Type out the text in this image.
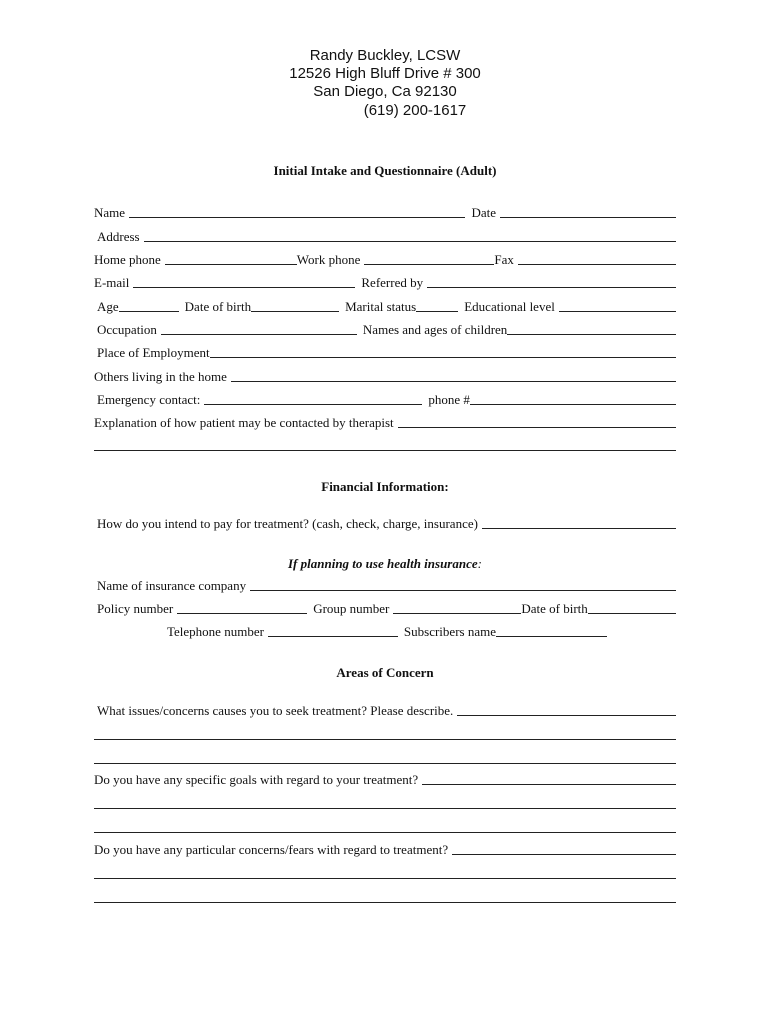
Randy Buckley, LCSW
12526 High Bluff Drive # 300
San Diego, Ca 92130
(619) 200-1617
Initial Intake and Questionnaire (Adult)
Name	Date
Address
Home phone	Work phone	Fax
E-mail	Referred by
Age	Date of birth	Marital status	Educational level
Occupation	Names and ages of children
Place of Employment
Others living in the home
Emergency contact:	phone #
Explanation of how patient may be contacted by therapist
Financial Information:
How do you intend to pay for treatment? (cash, check, charge, insurance)
If planning to use health insurance:
Name of insurance company
Policy number	Group number	Date of birth
Telephone number	Subscribers name
Areas of Concern
What issues/concerns causes you to seek treatment? Please describe.
Do you have any specific goals with regard to your treatment?
Do you have any particular concerns/fears with regard to treatment?
